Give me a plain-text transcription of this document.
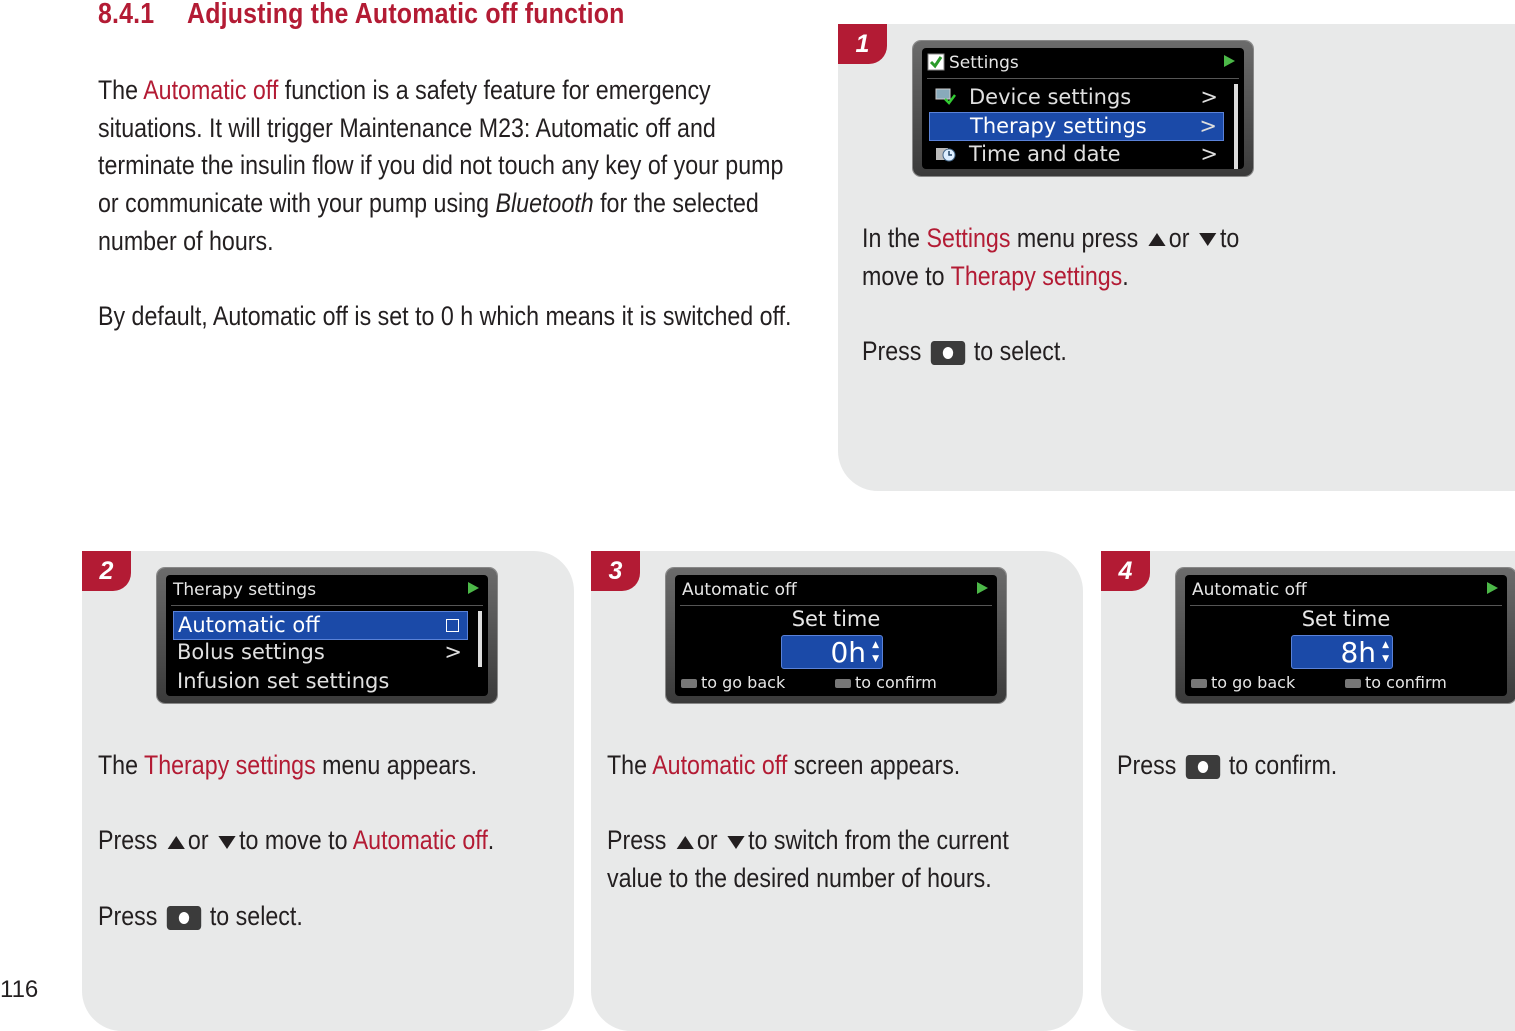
8.4.1 Adjusting the Automatic off function

The Automatic off function is a safety feature for emergency situations. It will trigger Maintenance M23: Automatic off and terminate the insulin flow if you did not touch any key of your pump or communicate with your pump using Bluetooth for the selected number of hours.

By default, Automatic off is set to 0 h which means it is switched off.

1
Settings
Device settings	>
Therapy settings	>
Time and date	>
In the Settings menu press or to

move to Therapy settings.

Press to select.
2
Therapy settings
Automatic off
Bolus settings	>
Infusion set settings

The Therapy settings menu appears.

Press or to move to Automatic off.

Press to select.
3
Automatic off
Set time
0h ▲
▼
to go back	to confirm

The Automatic off screen appears.

Press or to switch from the current
value to the desired number of hours.
4
Automatic off
Set time
8h ▲
▼
to go back	to confirm
Press to confirm.
116
